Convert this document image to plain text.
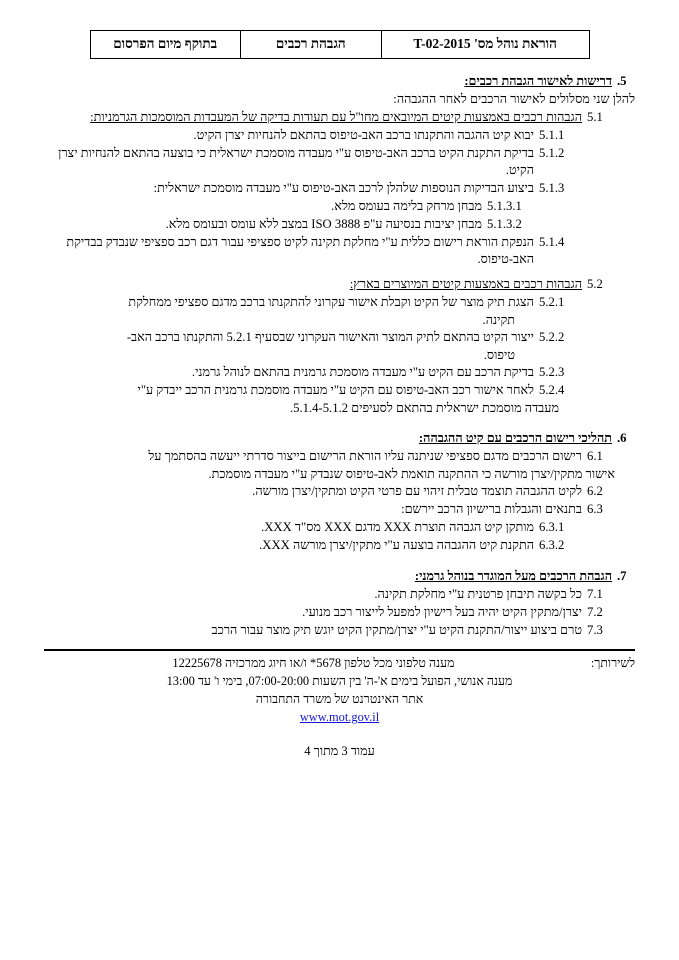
הוראת נוהל מס' T-02-2015	הגבהת רכבים	בתוקף מיום הפרסום
5.
דרישות לאישור הגבהת רכבים:
להלן שני מסלולים לאישור הרכבים לאחר ההגבהה:
5.1
הגבהות רכבים באמצעות קיטים המיובאים מחו"ל עם תעודות בדיקה של המעבדות המוסמכות הגרמניות:
5.1.1
יבוא קיט ההגבה והתקנתו ברכב האב-טיפוס בהתאם להנחיות יצרן הקיט.
5.1.2
בדיקת התקנת הקיט ברכב האב-טיפוס ע"י מעבדה מוסמכת ישראלית כי בוצעה בהתאם להנחיות יצרן הקיט.
5.1.3
ביצוע הבדיקות הנוספות שלהלן לרכב האב-טיפוס ע"י מעבדה מוסמכת ישראלית:
5.1.3.1
מבחן מרחק בלימה בעומס מלא.
5.1.3.2
מבחן יציבות בנסיעה ע"פ ISO 3888 במצב ללא עומס ובעומס מלא.
5.1.4
הנפקת הוראת רישום כללית ע"י מחלקת תקינה לקיט ספציפי עבור דגם רכב ספציפי שנבדק בבדיקת האב-טיפוס.
5.2
הגבהות רכבים באמצעות קיטים המיוצרים בארץ:
5.2.1
הצגת תיק מוצר של הקיט וקבלת אישור עקרוני להתקנתו ברכב מדגם ספציפי ממחלקת
תקינה.
5.2.2
ייצור הקיט בהתאם לתיק המוצר והאישור העקרוני שבסעיף 5.2.1 והתקנתו ברכב האב-
טיפוס.
5.2.3
בדיקת הרכב עם הקיט ע"י מעבדה מוסמכת גרמנית בהתאם לנוהל גרמני.
5.2.4
לאחר אישור רכב האב-טיפוס עם הקיט ע"י מעבדה מוסמכת גרמנית הרכב ייבדק ע"י
מעבדה מוסמכת ישראלית בהתאם לסעיפים 5.1.4-5.1.2.
6.
תהליכי רישום הרכבים עם קיט ההגבהה:
6.1
רישום הרכבים מדגם ספציפי שניתנה עליו הוראת הרישום בייצור סדרתי ייעשה בהסתמך על
אישור מתקין/יצרן מורשה כי ההתקנה תואמת לאב-טיפוס שנבדק ע"י מעבדה מוסמכת.
6.2
לקיט ההגבהה תוצמד טבלית זיהוי עם פרטי הקיט ומתקין/יצרן מורשה.
6.3
בתנאים והגבלות ברישיון הרכב יירשם:
6.3.1
מותקן קיט הגבהה תוצרת XXX מדגם XXX מס"ד XXX.
6.3.2
התקנת קיט ההגבהה בוצעה ע"י מתקין/יצרן מורשה XXX.
7.
הגבהת הרכבים מעל המוגדר בנוהל גרמני:
7.1
כל בקשה תיבחן פרטנית ע"י מחלקת תקינה.
7.2
יצרן/מתקין הקיט יהיה בעל רישיון למפעל לייצור רכב מנועי.
7.3
טרם ביצוע ייצור/התקנת הקיט ע"י יצרן/מתקין הקיט יוגש תיק מוצר עבור הרכב
לשירותך:
מענה טלפוני מכל טלפון 5678* ו/או חיוג ממרכזיה 12225678
מענה אנושי, הפועל בימים א'-ה' בין השעות 07:00-20:00, בימי ו' עד 13:00
אתר האינטרנט של משרד התחבורה
www.mot.gov.il
עמוד 3 מתוך 4
